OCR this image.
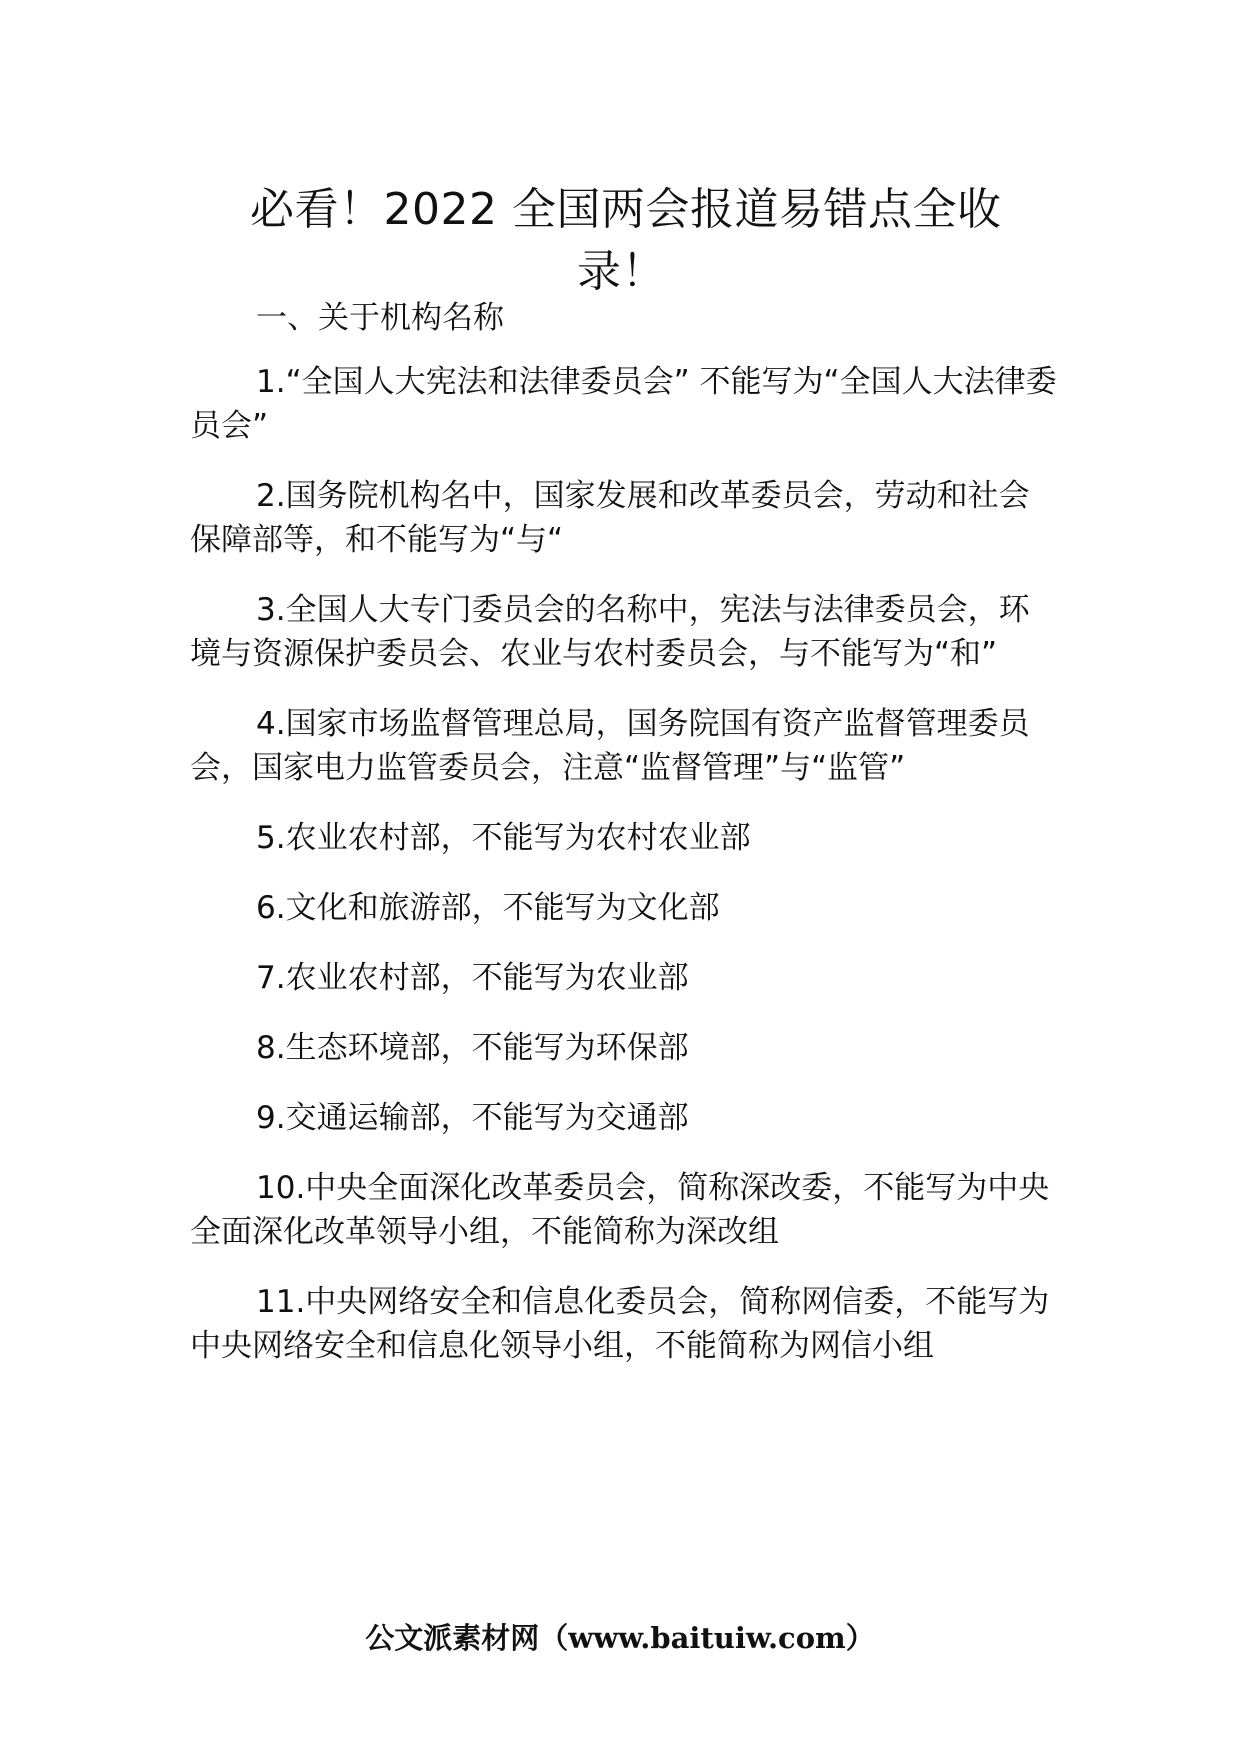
必看！2022 全国两会报道易错点全收
录！

一、关于机构名称

1.“全国人大宪法和法律委员会” 不能写为“全国人大法律委员会”

2.国务院机构名中，国家发展和改革委员会，劳动和社会保障部等，和不能写为“与“

3.全国人大专门委员会的名称中，宪法与法律委员会，环境与资源保护委员会、农业与农村委员会，与不能写为“和”

4.国家市场监督管理总局，国务院国有资产监督管理委员会，国家电力监管委员会，注意“监督管理”与“监管”

5.农业农村部，不能写为农村农业部

6.文化和旅游部，不能写为文化部

7.农业农村部，不能写为农业部

8.生态环境部，不能写为环保部

9.交通运输部，不能写为交通部

10.中央全面深化改革委员会，简称深改委，不能写为中央全面深化改革领导小组，不能简称为深改组

11.中央网络安全和信息化委员会，简称网信委，不能写为中央网络安全和信息化领导小组，不能简称为网信小组

公文派素材网（www.baituiw.com）
